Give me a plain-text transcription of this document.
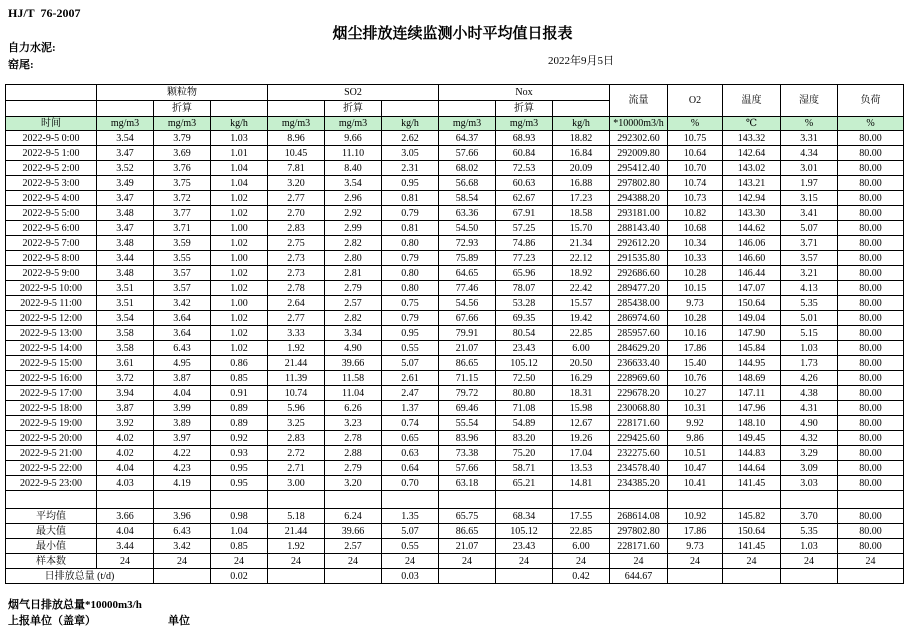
HJ/T  76-2007
烟尘排放连续监测小时平均值日报表
自力水泥:
窑尾:	2022年9月5日
	颗粒物			SO2			Nox			流量	O2	温度	湿度	负荷
		折算			折算			折算						
时间	mg/m3	mg/m3	kg/h	mg/m3	mg/m3	kg/h	mg/m3	mg/m3	kg/h	*10000m3/h	%	℃	%	%
2022-9-5 0:00	3.54	3.79	1.03	8.96	9.66	2.62	64.37	68.93	18.82	292302.60	10.75	143.32	3.31	80.00
2022-9-5 1:00	3.47	3.69	1.01	10.45	11.10	3.05	57.66	60.84	16.84	292009.80	10.64	142.64	4.34	80.00
2022-9-5 2:00	3.52	3.76	1.04	7.81	8.40	2.31	68.02	72.53	20.09	295412.40	10.70	143.02	3.01	80.00
2022-9-5 3:00	3.49	3.75	1.04	3.20	3.54	0.95	56.68	60.63	16.88	297802.80	10.74	143.21	1.97	80.00
2022-9-5 4:00	3.47	3.72	1.02	2.77	2.96	0.81	58.54	62.67	17.23	294388.20	10.73	142.94	3.15	80.00
2022-9-5 5:00	3.48	3.77	1.02	2.70	2.92	0.79	63.36	67.91	18.58	293181.00	10.82	143.30	3.41	80.00
2022-9-5 6:00	3.47	3.71	1.00	2.83	2.99	0.81	54.50	57.25	15.70	288143.40	10.68	144.62	5.07	80.00
2022-9-5 7:00	3.48	3.59	1.02	2.75	2.82	0.80	72.93	74.86	21.34	292612.20	10.34	146.06	3.71	80.00
2022-9-5 8:00	3.44	3.55	1.00	2.73	2.80	0.79	75.89	77.23	22.12	291535.80	10.33	146.60	3.57	80.00
2022-9-5 9:00	3.48	3.57	1.02	2.73	2.81	0.80	64.65	65.96	18.92	292686.60	10.28	146.44	3.21	80.00
2022-9-5 10:00	3.51	3.57	1.02	2.78	2.79	0.80	77.46	78.07	22.42	289477.20	10.15	147.07	4.13	80.00
2022-9-5 11:00	3.51	3.42	1.00	2.64	2.57	0.75	54.56	53.28	15.57	285438.00	9.73	150.64	5.35	80.00
2022-9-5 12:00	3.54	3.64	1.02	2.77	2.82	0.79	67.66	69.35	19.42	286974.60	10.28	149.04	5.01	80.00
2022-9-5 13:00	3.58	3.64	1.02	3.33	3.34	0.95	79.91	80.54	22.85	285957.60	10.16	147.90	5.15	80.00
2022-9-5 14:00	3.58	6.43	1.02	1.92	4.90	0.55	21.07	23.43	6.00	284629.20	17.86	145.84	1.03	80.00
2022-9-5 15:00	3.61	4.95	0.86	21.44	39.66	5.07	86.65	105.12	20.50	236633.40	15.40	144.95	1.73	80.00
2022-9-5 16:00	3.72	3.87	0.85	11.39	11.58	2.61	71.15	72.50	16.29	228969.60	10.76	148.69	4.26	80.00
2022-9-5 17:00	3.94	4.04	0.91	10.74	11.04	2.47	79.72	80.80	18.31	229678.20	10.27	147.11	4.38	80.00
2022-9-5 18:00	3.87	3.99	0.89	5.96	6.26	1.37	69.46	71.08	15.98	230068.80	10.31	147.96	4.31	80.00
2022-9-5 19:00	3.92	3.89	0.89	3.25	3.23	0.74	55.54	54.89	12.67	228171.60	9.92	148.10	4.90	80.00
2022-9-5 20:00	4.02	3.97	0.92	2.83	2.78	0.65	83.96	83.20	19.26	229425.60	9.86	149.45	4.32	80.00
2022-9-5 21:00	4.02	4.22	0.93	2.72	2.88	0.63	73.38	75.20	17.04	232275.60	10.51	144.83	3.29	80.00
2022-9-5 22:00	4.04	4.23	0.95	2.71	2.79	0.64	57.66	58.71	13.53	234578.40	10.47	144.64	3.09	80.00
2022-9-5 23:00	4.03	4.19	0.95	3.00	3.20	0.70	63.18	65.21	14.81	234385.20	10.41	141.45	3.03	80.00

平均值	3.66	3.96	0.98	5.18	6.24	1.35	65.75	68.34	17.55	268614.08	10.92	145.82	3.70	80.00
最大值	4.04	6.43	1.04	21.44	39.66	5.07	86.65	105.12	22.85	297802.80	17.86	150.64	5.35	80.00
最小值	3.44	3.42	0.85	1.92	2.57	0.55	21.07	23.43	6.00	228171.60	9.73	141.45	1.03	80.00
样本数	24	24	24	24	24	24	24	24	24	24	24	24	24	24
日排放总量 (t/d)			0.02			0.03			0.42	644.67				
烟气日排放总量*10000m3/h
上报单位（盖章）	单位
